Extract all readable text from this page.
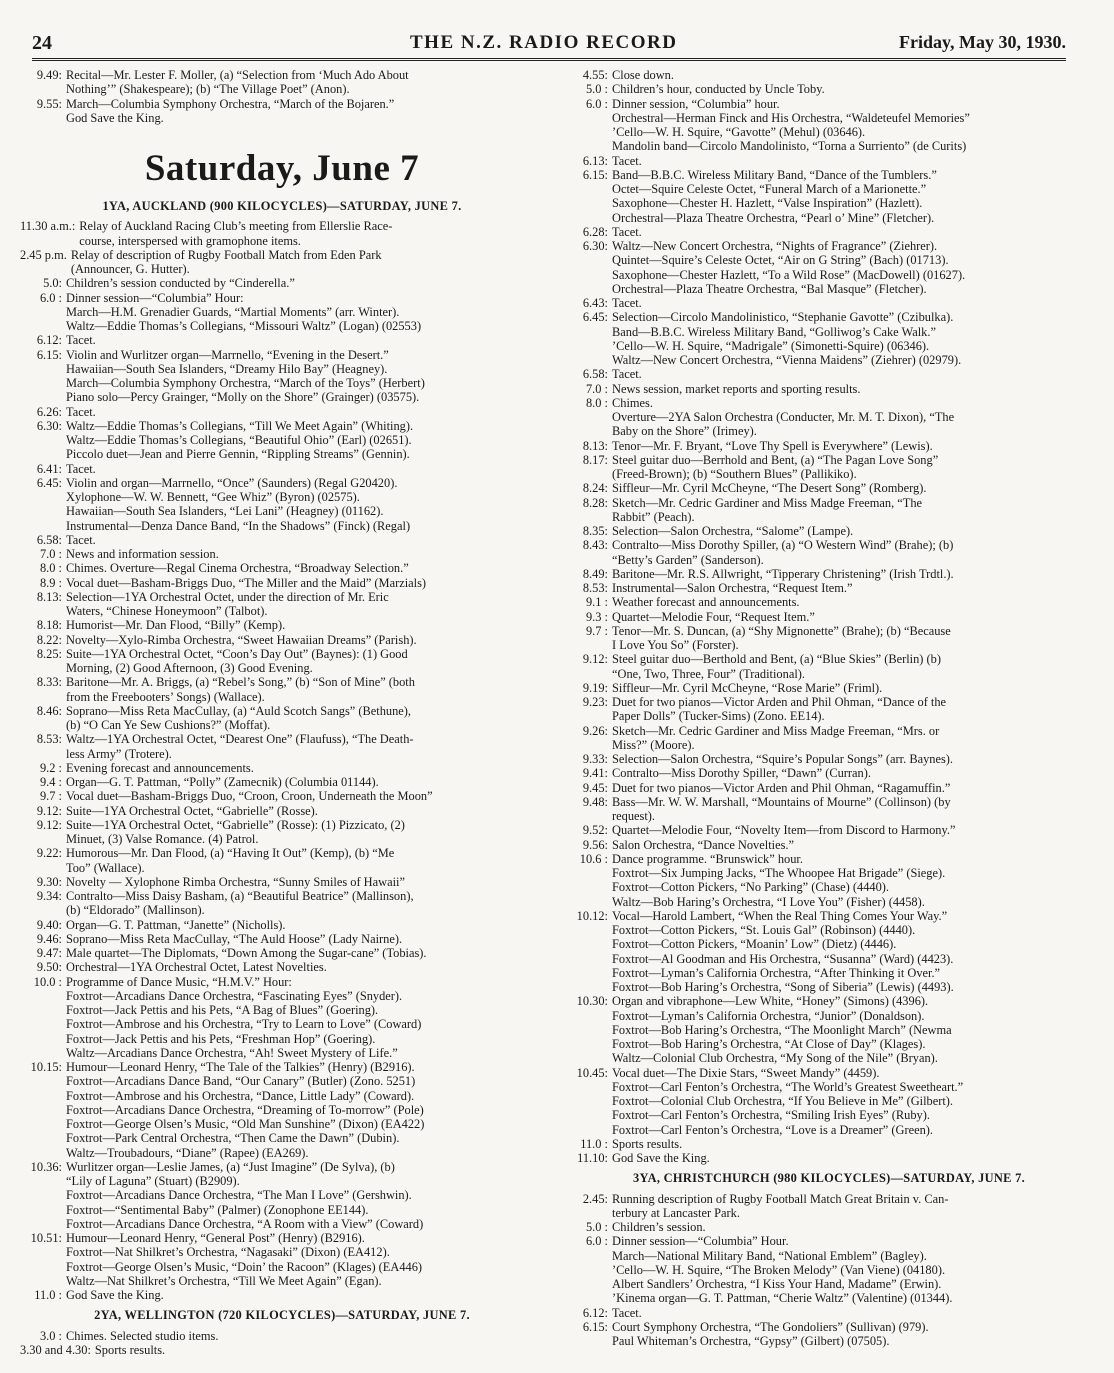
24	THE N.Z. RADIO RECORD	Friday, May 30, 1930.
9.49: Recital—Mr. Lester F. Moller, (a) “Selection from ‘Much Ado About
Nothing’” (Shakespeare); (b) “The Village Poet” (Anon).
9.55: March—Columbia Symphony Orchestra, “March of the Bojaren.”
God Save the King.
Saturday, June 7
1YA, AUCKLAND (900 KILOCYCLES)—SATURDAY, JUNE 7.
11.30 a.m.: Relay of Auckland Racing Club’s meeting from Ellerslie Race-
course, interspersed with gramophone items.
2.45 p.m. Relay of description of Rugby Football Match from Eden Park
(Announcer, G. Hutter).
5.0: Children’s session conducted by “Cinderella.”
6.0 : Dinner session—“Columbia” Hour:
March—H.M. Grenadier Guards, “Martial Moments” (arr. Winter).
Waltz—Eddie Thomas’s Collegians, “Missouri Waltz” (Logan) (02553)
6.12: Tacet.
6.15: Violin and Wurlitzer organ—Marrnello, “Evening in the Desert.”
Hawaiian—South Sea Islanders, “Dreamy Hilo Bay” (Heagney).
March—Columbia Symphony Orchestra, “March of the Toys” (Herbert)
Piano solo—Percy Grainger, “Molly on the Shore” (Grainger) (03575).
6.26: Tacet.
6.30: Waltz—Eddie Thomas’s Collegians, “Till We Meet Again” (Whiting).
Waltz—Eddie Thomas’s Collegians, “Beautiful Ohio” (Earl) (02651).
Piccolo duet—Jean and Pierre Gennin, “Rippling Streams” (Gennin).
6.41: Tacet.
6.45: Violin and organ—Marrnello, “Once” (Saunders) (Regal G20420).
Xylophone—W. W. Bennett, “Gee Whiz” (Byron) (02575).
Hawaiian—South Sea Islanders, “Lei Lani” (Heagney) (01162).
Instrumental—Denza Dance Band, “In the Shadows” (Finck) (Regal)
6.58: Tacet.
7.0 : News and information session.
8.0 : Chimes. Overture—Regal Cinema Orchestra, “Broadway Selection.”
8.9 : Vocal duet—Basham-Briggs Duo, “The Miller and the Maid” (Marzials)
8.13: Selection—1YA Orchestral Octet, under the direction of Mr. Eric
Waters, “Chinese Honeymoon” (Talbot).
8.18: Humorist—Mr. Dan Flood, “Billy” (Kemp).
8.22: Novelty—Xylo-Rimba Orchestra, “Sweet Hawaiian Dreams” (Parish).
8.25: Suite—1YA Orchestral Octet, “Coon’s Day Out” (Baynes): (1) Good
Morning, (2) Good Afternoon, (3) Good Evening.
8.33: Baritone—Mr. A. Briggs, (a) “Rebel’s Song,” (b) “Son of Mine” (both
from the Freebooters’ Songs) (Wallace).
8.46: Soprano—Miss Reta MacCullay, (a) “Auld Scotch Sangs” (Bethune),
(b) “O Can Ye Sew Cushions?” (Moffat).
8.53: Waltz—1YA Orchestral Octet, “Dearest One” (Flaufuss), “The Death-
less Army” (Trotere).
9.2 : Evening forecast and announcements.
9.4 : Organ—G. T. Pattman, “Polly” (Zamecnik) (Columbia 01144).
9.7 : Vocal duet—Basham-Briggs Duo, “Croon, Croon, Underneath the Moon”
9.12: Suite—1YA Orchestral Octet, “Gabrielle” (Rosse).
9.12: Suite—1YA Orchestral Octet, “Gabrielle” (Rosse): (1) Pizzicato, (2)
Minuet, (3) Valse Romance. (4) Patrol.
9.22: Humorous—Mr. Dan Flood, (a) “Having It Out” (Kemp), (b) “Me
Too” (Wallace).
9.30: Novelty — Xylophone Rimba Orchestra, “Sunny Smiles of Hawaii”
9.34: Contralto—Miss Daisy Basham, (a) “Beautiful Beatrice” (Mallinson),
(b) “Eldorado” (Mallinson).
9.40: Organ—G. T. Pattman, “Janette” (Nicholls).
9.46: Soprano—Miss Reta MacCullay, “The Auld Hoose” (Lady Nairne).
9.47: Male quartet—The Diplomats, “Down Among the Sugar-cane” (Tobias).
9.50: Orchestral—1YA Orchestral Octet, Latest Novelties.
10.0 : Programme of Dance Music, “H.M.V.” Hour:
Foxtrot—Arcadians Dance Orchestra, “Fascinating Eyes” (Snyder).
Foxtrot—Jack Pettis and his Pets, “A Bag of Blues” (Goering).
Foxtrot—Ambrose and his Orchestra, “Try to Learn to Love” (Coward)
Foxtrot—Jack Pettis and his Pets, “Freshman Hop” (Goering).
Waltz—Arcadians Dance Orchestra, “Ah! Sweet Mystery of Life.”
10.15: Humour—Leonard Henry, “The Tale of the Talkies” (Henry) (B2916).
Foxtrot—Arcadians Dance Band, “Our Canary” (Butler) (Zono. 5251)
Foxtrot—Ambrose and his Orchestra, “Dance, Little Lady” (Coward).
Foxtrot—Arcadians Dance Orchestra, “Dreaming of To-morrow” (Pole)
Foxtrot—George Olsen’s Music, “Old Man Sunshine” (Dixon) (EA422)
Foxtrot—Park Central Orchestra, “Then Came the Dawn” (Dubin).
Waltz—Troubadours, “Diane” (Rapee) (EA269).
10.36: Wurlitzer organ—Leslie James, (a) “Just Imagine” (De Sylva), (b)
“Lily of Laguna” (Stuart) (B2909).
Foxtrot—Arcadians Dance Orchestra, “The Man I Love” (Gershwin).
Foxtrot—“Sentimental Baby” (Palmer) (Zonophone EE144).
Foxtrot—Arcadians Dance Orchestra, “A Room with a View” (Coward)
10.51: Humour—Leonard Henry, “General Post” (Henry) (B2916).
Foxtrot—Nat Shilkret’s Orchestra, “Nagasaki” (Dixon) (EA412).
Foxtrot—George Olsen’s Music, “Doin’ the Racoon” (Klages) (EA446)
Waltz—Nat Shilkret’s Orchestra, “Till We Meet Again” (Egan).
11.0 : God Save the King.
2YA, WELLINGTON (720 KILOCYCLES)—SATURDAY, JUNE 7.
3.0 : Chimes. Selected studio items.
3.30 and 4.30: Sports results.
4.55: Close down.
5.0 : Children’s hour, conducted by Uncle Toby.
6.0 : Dinner session, “Columbia” hour.
Orchestral—Herman Finck and His Orchestra, “Waldeteufel Memories”
’Cello—W. H. Squire, “Gavotte” (Mehul) (03646).
Mandolin band—Circolo Mandolinisto, “Torna a Surriento” (de Curits)
6.13: Tacet.
6.15: Band—B.B.C. Wireless Military Band, “Dance of the Tumblers.”
Octet—Squire Celeste Octet, “Funeral March of a Marionette.”
Saxophone—Chester H. Hazlett, “Valse Inspiration” (Hazlett).
Orchestral—Plaza Theatre Orchestra, “Pearl o’ Mine” (Fletcher).
6.28: Tacet.
6.30: Waltz—New Concert Orchestra, “Nights of Fragrance” (Ziehrer).
Quintet—Squire’s Celeste Octet, “Air on G String” (Bach) (01713).
Saxophone—Chester Hazlett, “To a Wild Rose” (MacDowell) (01627).
Orchestral—Plaza Theatre Orchestra, “Bal Masque” (Fletcher).
6.43: Tacet.
6.45: Selection—Circolo Mandolinistico, “Stephanie Gavotte” (Czibulka).
Band—B.B.C. Wireless Military Band, “Golliwog’s Cake Walk.”
’Cello—W. H. Squire, “Madrigale” (Simonetti-Squire) (06346).
Waltz—New Concert Orchestra, “Vienna Maidens” (Ziehrer) (02979).
6.58: Tacet.
7.0 : News session, market reports and sporting results.
8.0 : Chimes.
Overture—2YA Salon Orchestra (Conducter, Mr. M. T. Dixon), “The
Baby on the Shore” (Irimey).
8.13: Tenor—Mr. F. Bryant, “Love Thy Spell is Everywhere” (Lewis).
8.17: Steel guitar duo—Berrhold and Bent, (a) “The Pagan Love Song”
(Freed-Brown); (b) “Southern Blues” (Pallikiko).
8.24: Siffleur—Mr. Cyril McCheyne, “The Desert Song” (Romberg).
8.28: Sketch—Mr. Cedric Gardiner and Miss Madge Freeman, “The
Rabbit” (Peach).
8.35: Selection—Salon Orchestra, “Salome” (Lampe).
8.43: Contralto—Miss Dorothy Spiller, (a) “O Western Wind” (Brahe); (b)
“Betty’s Garden” (Sanderson).
8.49: Baritone—Mr. R.S. Allwright, “Tipperary Christening” (Irish Trdtl.).
8.53: Instrumental—Salon Orchestra, “Request Item.”
9.1 : Weather forecast and announcements.
9.3 : Quartet—Melodie Four, “Request Item.”
9.7 : Tenor—Mr. S. Duncan, (a) “Shy Mignonette” (Brahe); (b) “Because
I Love You So” (Forster).
9.12: Steel guitar duo—Berthold and Bent, (a) “Blue Skies” (Berlin) (b)
“One, Two, Three, Four” (Traditional).
9.19: Siffleur—Mr. Cyril McCheyne, “Rose Marie” (Friml).
9.23: Duet for two pianos—Victor Arden and Phil Ohman, “Dance of the
Paper Dolls” (Tucker-Sims) (Zono. EE14).
9.26: Sketch—Mr. Cedric Gardiner and Miss Madge Freeman, “Mrs. or
Miss?” (Moore).
9.33: Selection—Salon Orchestra, “Squire’s Popular Songs” (arr. Baynes).
9.41: Contralto—Miss Dorothy Spiller, “Dawn” (Curran).
9.45: Duet for two pianos—Victor Arden and Phil Ohman, “Ragamuffin.”
9.48: Bass—Mr. W. W. Marshall, “Mountains of Mourne” (Collinson) (by
request).
9.52: Quartet—Melodie Four, “Novelty Item—from Discord to Harmony.”
9.56: Salon Orchestra, “Dance Novelties.”
10.6 : Dance programme. “Brunswick” hour.
Foxtrot—Six Jumping Jacks, “The Whoopee Hat Brigade” (Siege).
Foxtrot—Cotton Pickers, “No Parking” (Chase) (4440).
Waltz—Bob Haring’s Orchestra, “I Love You” (Fisher) (4458).
10.12: Vocal—Harold Lambert, “When the Real Thing Comes Your Way.”
Foxtrot—Cotton Pickers, “St. Louis Gal” (Robinson) (4440).
Foxtrot—Cotton Pickers, “Moanin’ Low” (Dietz) (4446).
Foxtrot—Al Goodman and His Orchestra, “Susanna” (Ward) (4423).
Foxtrot—Lyman’s California Orchestra, “After Thinking it Over.”
Foxtrot—Bob Haring’s Orchestra, “Song of Siberia” (Lewis) (4493).
10.30: Organ and vibraphone—Lew White, “Honey” (Simons) (4396).
Foxtrot—Lyman’s California Orchestra, “Junior” (Donaldson).
Foxtrot—Bob Haring’s Orchestra, “The Moonlight March” (Newma
Foxtrot—Bob Haring’s Orchestra, “At Close of Day” (Klages).
Waltz—Colonial Club Orchestra, “My Song of the Nile” (Bryan).
10.45: Vocal duet—The Dixie Stars, “Sweet Mandy” (4459).
Foxtrot—Carl Fenton’s Orchestra, “The World’s Greatest Sweetheart.”
Foxtrot—Colonial Club Orchestra, “If You Believe in Me” (Gilbert).
Foxtrot—Carl Fenton’s Orchestra, “Smiling Irish Eyes” (Ruby).
Foxtrot—Carl Fenton’s Orchestra, “Love is a Dreamer” (Green).
11.0 : Sports results.
11.10: God Save the King.
3YA, CHRISTCHURCH (980 KILOCYCLES)—SATURDAY, JUNE 7.
2.45: Running description of Rugby Football Match Great Britain v. Can-
terbury at Lancaster Park.
5.0 : Children’s session.
6.0 : Dinner session—“Columbia” Hour.
March—National Military Band, “National Emblem” (Bagley).
’Cello—W. H. Squire, “The Broken Melody” (Van Viene) (04180).
Albert Sandlers’ Orchestra, “I Kiss Your Hand, Madame” (Erwin).
’Kinema organ—G. T. Pattman, “Cherie Waltz” (Valentine) (01344).
6.12: Tacet.
6.15: Court Symphony Orchestra, “The Gondoliers” (Sullivan) (979).
Paul Whiteman’s Orchestra, “Gypsy” (Gilbert) (07505).
